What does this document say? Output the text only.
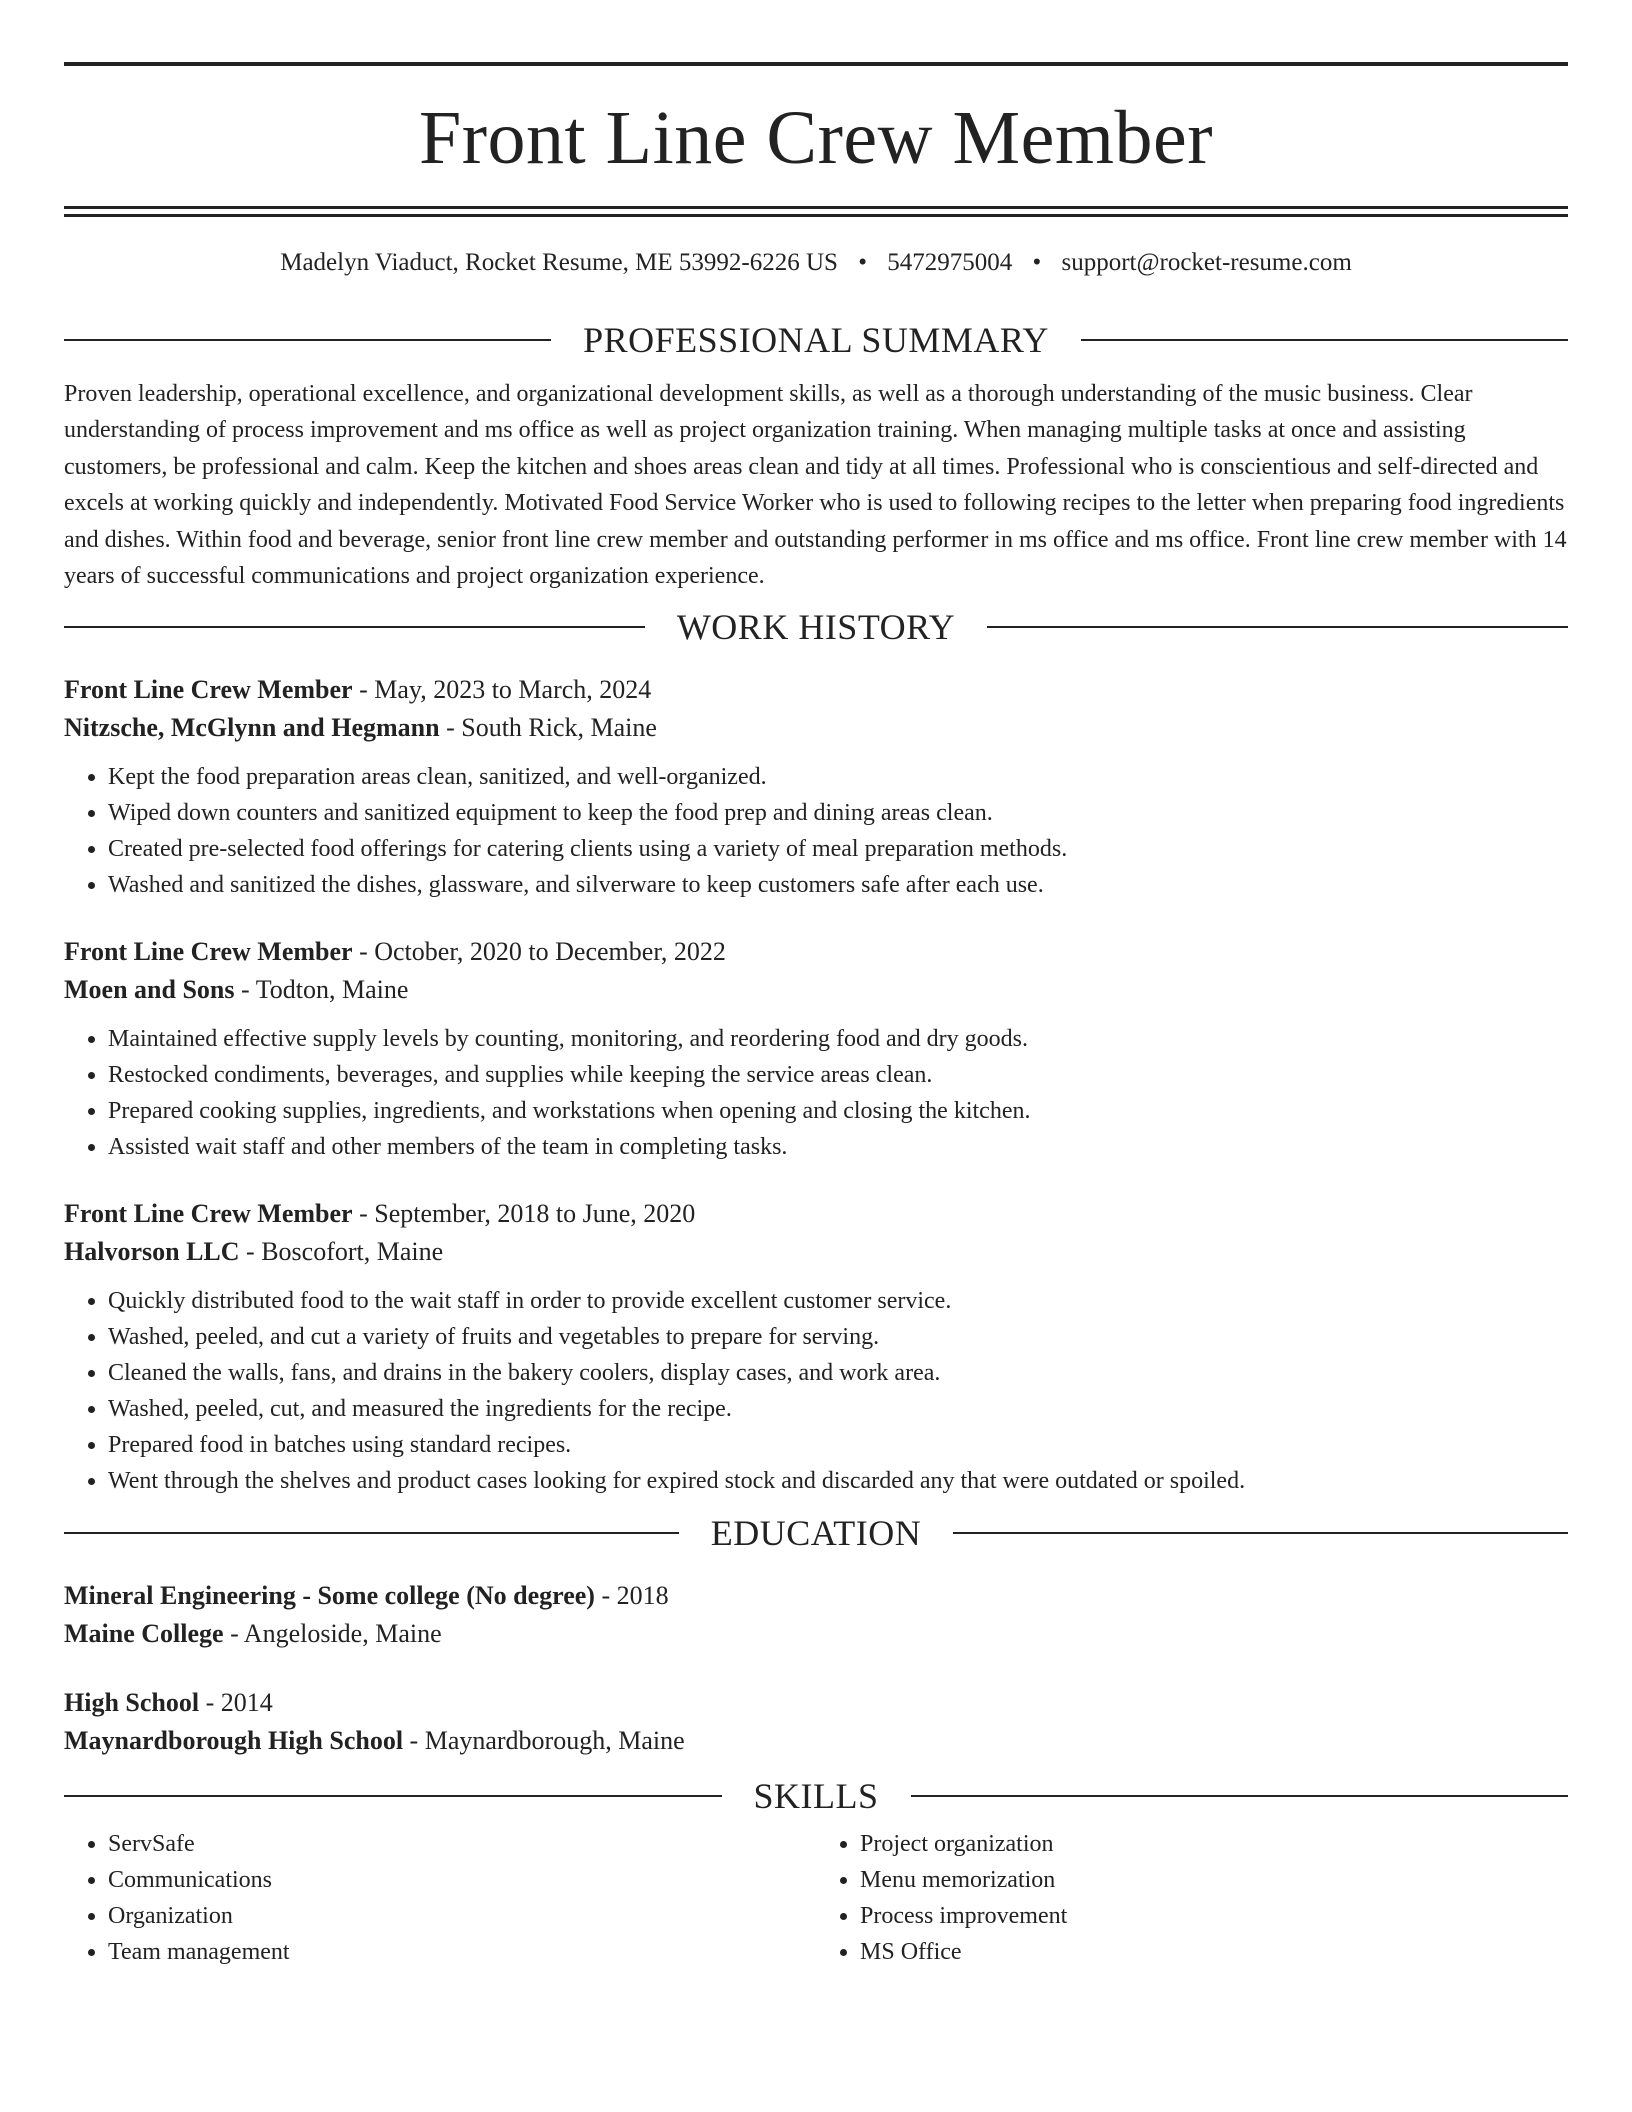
Front Line Crew Member
Madelyn Viaduct, Rocket Resume, ME 53992-6226 US • 5472975004 • support@rocket-resume.com
PROFESSIONAL SUMMARY

Proven leadership, operational excellence, and organizational development skills, as well as a thorough understanding of the music business. Clear understanding of process improvement and ms office as well as project organization training. When managing multiple tasks at once and assisting customers, be professional and calm. Keep the kitchen and shoes areas clean and tidy at all times. Professional who is conscientious and self-directed and excels at working quickly and independently. Motivated Food Service Worker who is used to following recipes to the letter when preparing food ingredients and dishes. Within food and beverage, senior front line crew member and outstanding performer in ms office and ms office. Front line crew member with 14 years of successful communications and project organization experience.

WORK HISTORY
Front Line Crew Member - May, 2023 to March, 2024
Nitzsche, McGlynn and Hegmann - South Rick, Maine
• Kept the food preparation areas clean, sanitized, and well-organized.
• Wiped down counters and sanitized equipment to keep the food prep and dining areas clean.
• Created pre-selected food offerings for catering clients using a variety of meal preparation methods.
• Washed and sanitized the dishes, glassware, and silverware to keep customers safe after each use.
Front Line Crew Member - October, 2020 to December, 2022
Moen and Sons - Todton, Maine
• Maintained effective supply levels by counting, monitoring, and reordering food and dry goods.
• Restocked condiments, beverages, and supplies while keeping the service areas clean.
• Prepared cooking supplies, ingredients, and workstations when opening and closing the kitchen.
• Assisted wait staff and other members of the team in completing tasks.
Front Line Crew Member - September, 2018 to June, 2020
Halvorson LLC - Boscofort, Maine
• Quickly distributed food to the wait staff in order to provide excellent customer service.
• Washed, peeled, and cut a variety of fruits and vegetables to prepare for serving.
• Cleaned the walls, fans, and drains in the bakery coolers, display cases, and work area.
• Washed, peeled, cut, and measured the ingredients for the recipe.
• Prepared food in batches using standard recipes.
• Went through the shelves and product cases looking for expired stock and discarded any that were outdated or spoiled.
EDUCATION
Mineral Engineering - Some college (No degree) - 2018
Maine College - Angeloside, Maine
High School - 2014
Maynardborough High School - Maynardborough, Maine
SKILLS
• ServSafe
• Communications
• Organization
• Team management
• Project organization
• Menu memorization
• Process improvement
• MS Office
